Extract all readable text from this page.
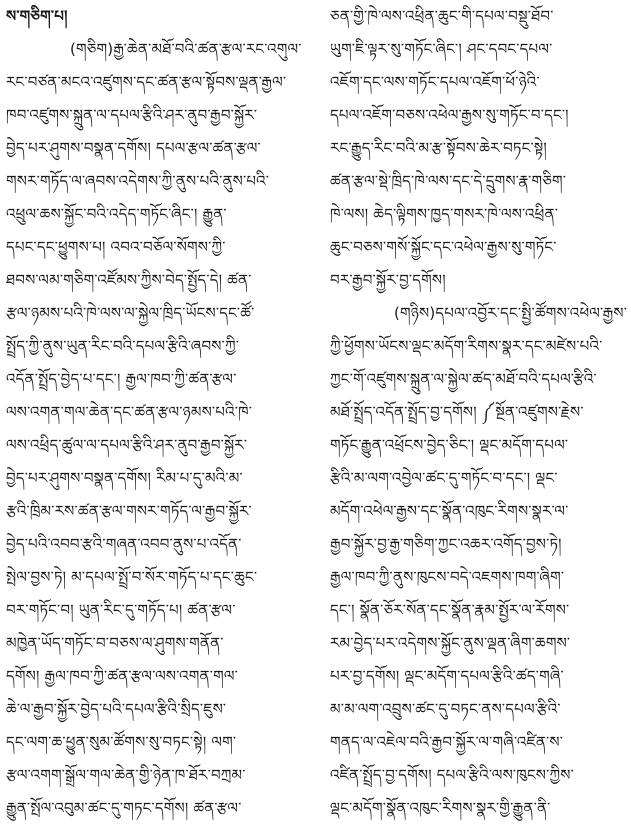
ས་གཅིག་པ།
(གཅིག)རྒྱ་ཆེན་མཐོ་བའི་ཚན་རྩལ་རང་འགུལ་
རང་བཙན་མངའ་འཛུགས་དང་ཚན་རྩལ་སྟོབས་ལྡན་རྒྱལ་
ཁབ་འཛུགས་སྐྲུན་ལ་དཔལ་རྩིའི་ཤར་ནུབ་རྒྱབ་སྐྱོར་
བྱེད་པར་ཤུགས་བསྣན་དགོས། དཔལ་རྩལ་ཚན་རྩལ་
གསར་གཏོད་ལ་ཞབས་འདེགས་ཀྱི་ནུས་པའི་ནུས་པའི་
འཕྲུལ་ཆས་སྐྱོང་བའི་འདེད་གཏོང་ཞིང་། རྒྱུན་
དཔང་དང་ཕྱུགས་པ། འབའ་བཅོལ་སོགས་ཀྱི་
ཐབས་ལམ་གཅིག་འཛོམས་ཀྱིས་བེད་སྤྱོད་དེ། ཚན་
རྩལ་ཉམས་པའི་ཁེ་ལས་ལ་སྐྱེལ་ཁྲིད་ཡོངས་དང་ཚོ་
སྤྲོད་ཀྱི་ནུས་ཡུན་རིང་བའི་དཔལ་རྩིའི་ཞབས་ཀྱི་
འདོན་སྤྲོད་བྱེད་པ་དང་། རྒྱལ་ཁབ་ཀྱི་ཚན་རྩལ་
ལས་འགན་གལ་ཆེན་དང་ཚན་རྩལ་ཉམས་པའི་ཁེ་
ལས་འཕྲིད་ཚུལ་ལ་དཔལ་རྩིའི་ཤར་ནུབ་རྒྱབ་སྐྱོར་
བྱེད་པར་ཤུགས་བསྣན་དགོས། རིམ་པ་དུ་མའི་མ་
རྩའི་ཁྲིམ་རས་ཚན་རྩལ་གསར་གཏོད་ལ་རྒྱབ་སྐྱོར་
བྱེད་པའི་འབབ་རྩའི་གཞན་འབབ་ནུས་པ་འདོན་
སྤེལ་བྱས་ཏེ། མ་དཔལ་སྤྲོ་བ་སོར་གཏོད་པ་དང་ཆུང་
བར་གཏོང་བ། ཡུན་རིང་དུ་གཏོད་པ། ཚན་རྩལ་
མཁྱེན་ཡོད་གཏོང་བ་བཅས་ལ་ཤུགས་གནོན་
དགོས། རྒྱལ་ཁབ་ཀྱི་ཚན་རྩལ་ལས་འགན་གལ་
ཆེ་ལ་རྒྱབ་སྐྱོར་བྱེད་པའི་དཔལ་རྩིའི་སྲིད་ཇུས་
དང་ལག་ཆ་ཕྱུན་སུམ་ཚོགས་སུ་བཏང་སྟེ། ལག་
རྩལ་འགག་སྒྲོལ་གལ་ཆེན་གྱི་ཉེན་ཁ་ཐོར་བཀྲམ་
རྒྱུན་སྤོལ་འབུམ་ཚང་དུ་གཏང་དགོས། ཚན་རྩལ་
ཅན་གྱི་ཁེ་ལས་འཕྲིན་ཆུང་གི་དཔལ་བསྡུ་ཐོབ་
ཡུག་ཇི་ལྟར་སུ་གཏོང་ཞིང་། ཤང་དབང་དཔལ་
འཇོག་དང་ལས་གཏོང་དཔལ་འཇོག་ཕོ་ཉེའི་
དཔལ་འཇོག་བཅས་འཕེལ་རྒྱས་སུ་གཏོང་བ་དང་།
རང་རྒྱུད་རིང་བའི་མ་རྩ་སྟོབས་ཆེར་བཏང་སྟེ།
ཚན་རྩལ་སྡེ་ཁྲིད་ཁེ་ལས་དང་དེ་དྲུགས་རྣ་གཅིག་
ཁེ་ལས། ཆེད་ལྟིགས་ཁྱད་གསར་ཁེ་ལས་འཕྲིན་
ཆུང་བཅས་གསོ་སྐྱོང་དང་འཕེལ་རྒྱས་སུ་གཏོང་
བར་རྒྱབ་སྐྱོར་བྱ་དགོས།
(གཉིས)དཔལ་འབྱོར་དང་སྤྱི་ཚོགས་འཕེལ་རྒྱས་
ཀྱི་ཕྱོགས་ཡོངས་ལྡང་མདོག་རིགས་སྣར་དང་མཛེས་པའི་
ཀྱང་གོ་འཛུགས་སྐྲུན་ལ་སྐྱེལ་ཚད་མཐོ་བའི་དཔལ་རྩིའི་
མཐོ་སྤྲོད་འདོན་སྤྲོད་བྱ་དགོས། ༼སྔོན་འཛུགས་རྗེས་
གཏོང་རྒྱུན་འཕྲོངས་བྱེད་ཅིང་། ལྡང་མདོག་དཔལ་
རྩིའི་མ་ལག་འབྱེལ་ཚང་དུ་གཏོང་བ་དང་། ལྡང་
མདོག་འཕེལ་རྒྱས་དང་སྣོན་འཁུང་རིགས་སྣར་ལ་
རྒྱབ་སྐྱོར་བྱ་རྒྱ་གཅིག་ཀྱང་འཆར་འགོད་བྱས་ཏེ།
རྒྱལ་ཁབ་ཀྱི་ནུས་ཁུངས་བདེ་འཇགས་ཁག་ཞིག་
དང་། སྣོན་ཅོར་སོན་དང་སྣོན་རྣམ་སྤྱོར་ལ་རོགས་
རམ་བྱེད་པར་འདེགས་སྐྱོང་ནུས་ལྡན་ཞིག་ཆགས་
པར་བྱ་དགོས། ལྡང་མདོག་དཔལ་རྩིའི་ཚད་གཞི་
མ་མ་ལག་འབྲུས་ཚང་དུ་བཏང་ནས་དཔལ་རྩིའི་
གནད་ལ་འཇེལ་བའི་རྒྱབ་སྐྱོར་ལ་གཞི་འཛིན་ས་
འཛིན་སྤྲོད་བྱ་དགོས། དཔལ་རྩིའི་ལས་ཁུངས་ཀྱིས་
ལྡང་མདོག་སྣོན་འཁུང་རིགས་སྣར་གྱི་རྒྱུན་ནི་
